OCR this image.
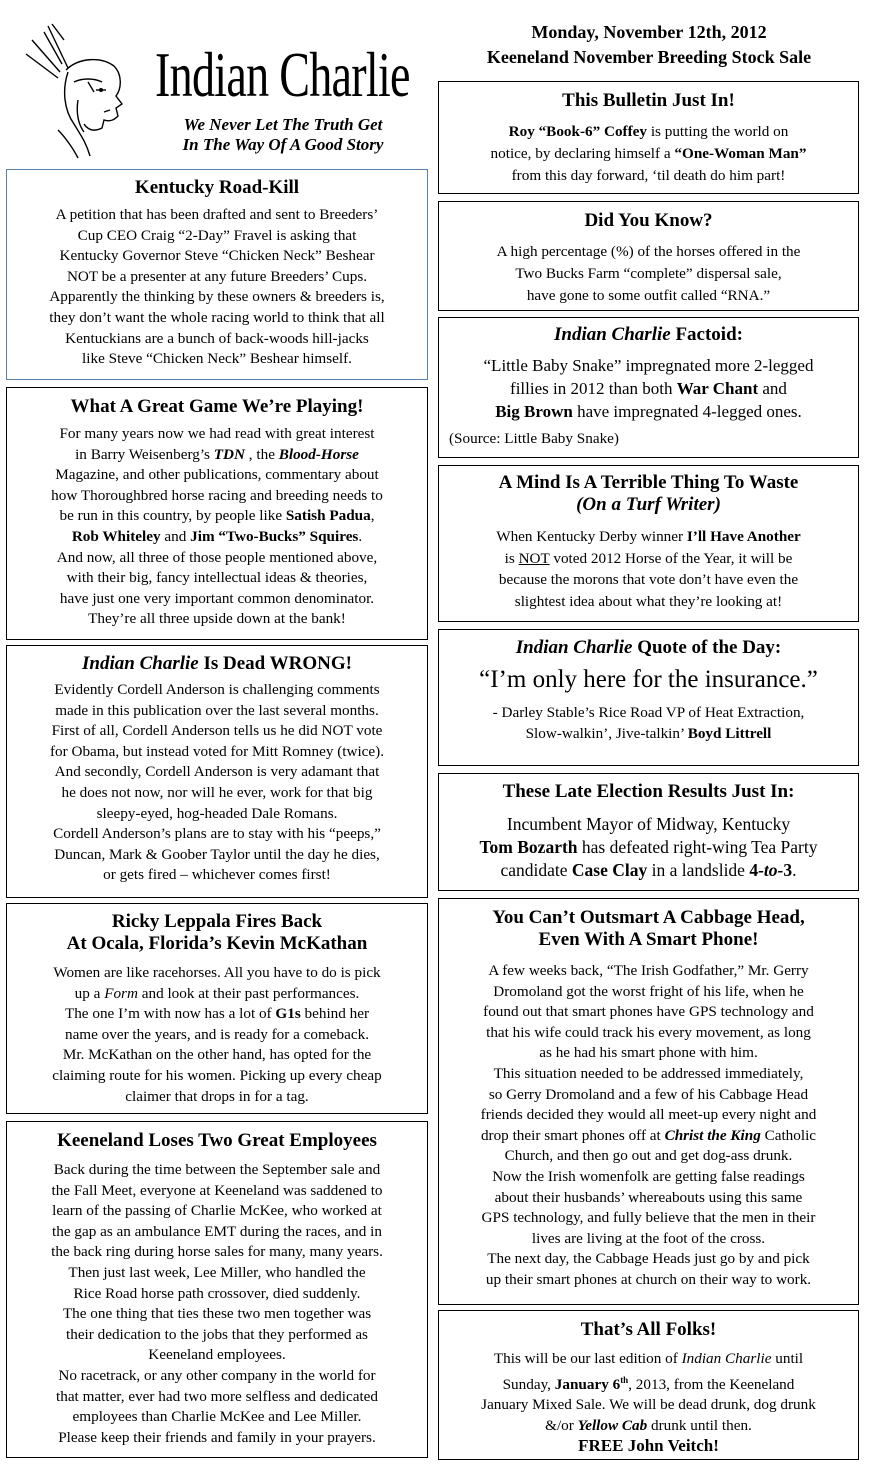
Indian Charlie
We Never Let The Truth Get
In The Way Of A Good Story
Monday, November 12th, 2012
Keeneland November Breeding Stock Sale
Kentucky Road-Kill

A petition that has been drafted and sent to Breeders’
Cup CEO Craig “2-Day” Fravel is asking that
Kentucky Governor Steve “Chicken Neck” Beshear
NOT be a presenter at any future Breeders’ Cups.
Apparently the thinking by these owners & breeders is,
they don’t want the whole racing world to think that all
Kentuckians are a bunch of back-woods hill-jacks
like Steve “Chicken Neck” Beshear himself.

What A Great Game We’re Playing!

For many years now we had read with great interest
in Barry Weisenberg’s TDN , the Blood-Horse
Magazine, and other publications, commentary about
how Thoroughbred horse racing and breeding needs to
be run in this country, by people like Satish Padua,
Rob Whiteley and Jim “Two-Bucks” Squires.
And now, all three of those people mentioned above,
with their big, fancy intellectual ideas & theories,
have just one very important common denominator.
They’re all three upside down at the bank!

Indian Charlie Is Dead WRONG!

Evidently Cordell Anderson is challenging comments
made in this publication over the last several months.
First of all, Cordell Anderson tells us he did NOT vote
for Obama, but instead voted for Mitt Romney (twice).
And secondly, Cordell Anderson is very adamant that
he does not now, nor will he ever, work for that big
sleepy-eyed, hog-headed Dale Romans.
Cordell Anderson’s plans are to stay with his “peeps,”
Duncan, Mark & Goober Taylor until the day he dies,
or gets fired – whichever comes first!

Ricky Leppala Fires Back
At Ocala, Florida’s Kevin McKathan

Women are like racehorses. All you have to do is pick
up a Form and look at their past performances.
The one I’m with now has a lot of G1s behind her
name over the years, and is ready for a comeback.
Mr. McKathan on the other hand, has opted for the
claiming route for his women. Picking up every cheap
claimer that drops in for a tag.

Keeneland Loses Two Great Employees

Back during the time between the September sale and
the Fall Meet, everyone at Keeneland was saddened to
learn of the passing of Charlie McKee, who worked at
the gap as an ambulance EMT during the races, and in
the back ring during horse sales for many, many years.
Then just last week, Lee Miller, who handled the
Rice Road horse path crossover, died suddenly.
The one thing that ties these two men together was
their dedication to the jobs that they performed as
Keeneland employees.
No racetrack, or any other company in the world for
that matter, ever had two more selfless and dedicated
employees than Charlie McKee and Lee Miller.
Please keep their friends and family in your prayers.

This Bulletin Just In!

Roy “Book-6” Coffey is putting the world on
notice, by declaring himself a “One-Woman Man”
from this day forward, ‘til death do him part!

Did You Know?

A high percentage (%) of the horses offered in the
Two Bucks Farm “complete” dispersal sale,
have gone to some outfit called “RNA.”

Indian Charlie Factoid:

“Little Baby Snake” impregnated more 2-legged
fillies in 2012 than both War Chant and
Big Brown have impregnated 4-legged ones.

(Source: Little Baby Snake)

A Mind Is A Terrible Thing To Waste
(On a Turf Writer)

When Kentucky Derby winner I’ll Have Another
is NOT voted 2012 Horse of the Year, it will be
because the morons that vote don’t have even the
slightest idea about what they’re looking at!

Indian Charlie Quote of the Day:
“I’m only here for the insurance.”

- Darley Stable’s Rice Road VP of Heat Extraction,
Slow-walkin’, Jive-talkin’ Boyd Littrell

These Late Election Results Just In:

Incumbent Mayor of Midway, Kentucky
Tom Bozarth has defeated right-wing Tea Party
candidate Case Clay in a landslide 4-to-3.

You Can’t Outsmart A Cabbage Head,
Even With A Smart Phone!

A few weeks back, “The Irish Godfather,” Mr. Gerry
Dromoland got the worst fright of his life, when he
found out that smart phones have GPS technology and
that his wife could track his every movement, as long
as he had his smart phone with him.
This situation needed to be addressed immediately,
so Gerry Dromoland and a few of his Cabbage Head
friends decided they would all meet-up every night and
drop their smart phones off at Christ the King Catholic
Church, and then go out and get dog-ass drunk.
Now the Irish womenfolk are getting false readings
about their husbands’ whereabouts using this same
GPS technology, and fully believe that the men in their
lives are living at the foot of the cross.
The next day, the Cabbage Heads just go by and pick
up their smart phones at church on their way to work.

That’s All Folks!

This will be our last edition of Indian Charlie until
Sunday, January 6th, 2013, from the Keeneland
January Mixed Sale. We will be dead drunk, dog drunk
&/or Yellow Cab drunk until then.
FREE John Veitch!
